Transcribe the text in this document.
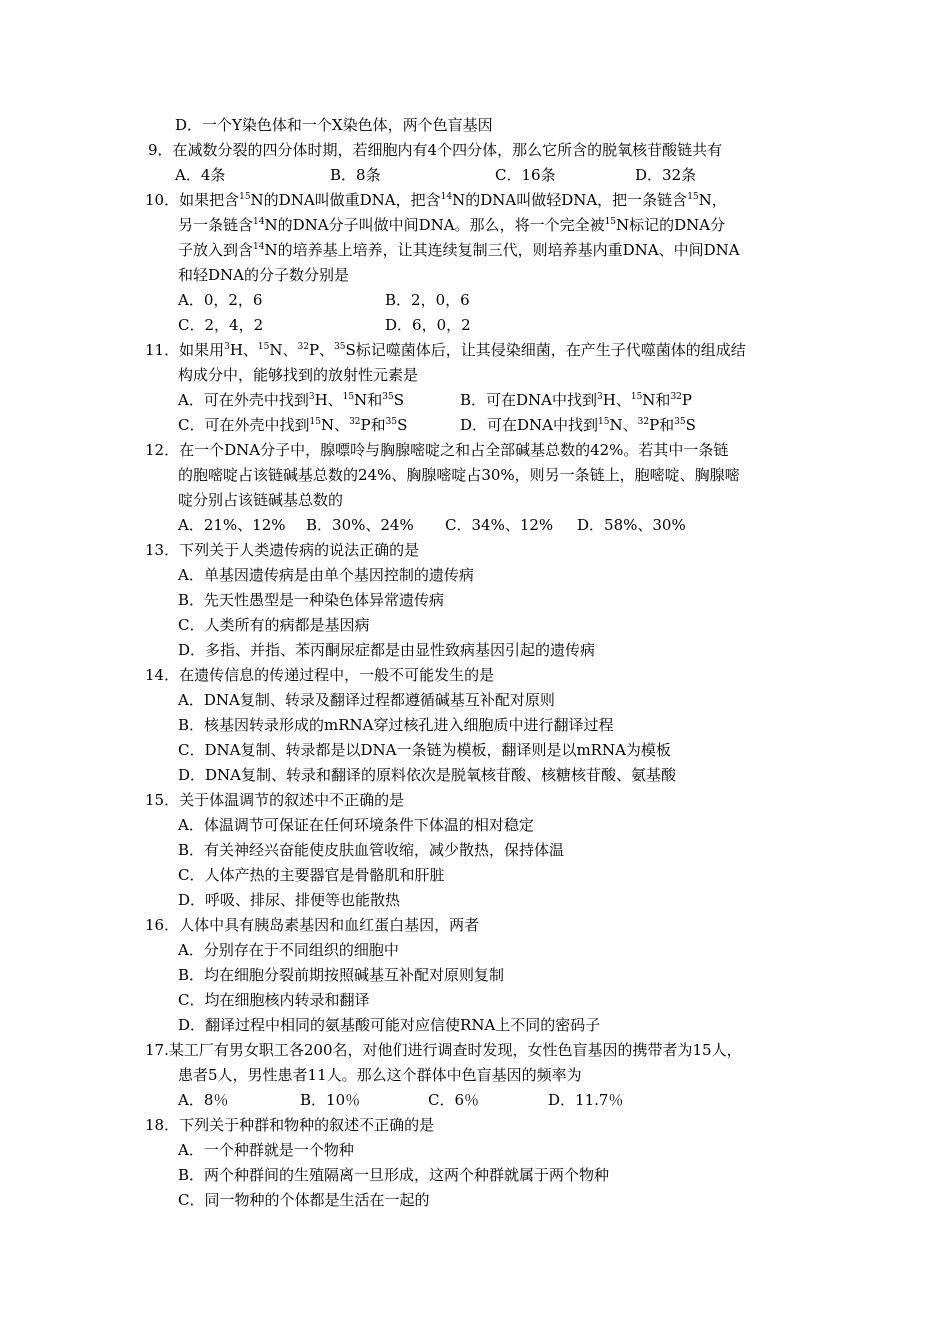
D．一个Y染色体和一个X染色体，两个色盲基因
9．在减数分裂的四分体时期，若细胞内有4个四分体，那么它所含的脱氧核苷酸链共有
A．4条	B．8条	C．16条	D．32条
10．如果把含$^{15}$N的DNA叫做重DNA，把含$^{14}$N的DNA叫做轻DNA，把一条链含$^{15}$N，
另一条链含$^{14}$N的DNA分子叫做中间DNA。那么，将一个完全被$^{15}$N标记的DNA分
子放入到含$^{14}$N的培养基上培养，让其连续复制三代，则培养基内重DNA、中间DNA
和轻DNA的分子数分别是
A．0，2，6	B．2，0，6
C．2，4，2	D．6，0，2
11．如果用$^3$H、$^{15}$N、$^{32}$P、$^{35}$S标记噬菌体后，让其侵染细菌，在产生子代噬菌体的组成结
构成分中，能够找到的放射性元素是
A．可在外壳中找到$^3$H、$^{15}$N和$^{35}$S	B．可在DNA中找到$^3$H、$^{15}$N和$^{32}$P
C．可在外壳中找到$^{15}$N、$^{32}$P和$^{35}$S	D．可在DNA中找到$^{15}$N、$^{32}$P和$^{35}$S
12．在一个DNA分子中，腺嘌呤与胸腺嘧啶之和占全部碱基总数的42%。若其中一条链
的胞嘧啶占该链碱基总数的24%、胸腺嘧啶占30%，则另一条链上，胞嘧啶、胸腺嘧
啶分别占该链碱基总数的
A．21%、12% B．30%、24% C．34%、12% D．58%、30%
13．下列关于人类遗传病的说法正确的是
A．单基因遗传病是由单个基因控制的遗传病
B．先天性愚型是一种染色体异常遗传病
C．人类所有的病都是基因病
D．多指、并指、苯丙酮尿症都是由显性致病基因引起的遗传病
14．在遗传信息的传递过程中，一般不可能发生的是
A．DNA复制、转录及翻译过程都遵循碱基互补配对原则
B．核基因转录形成的mRNA穿过核孔进入细胞质中进行翻译过程
C．DNA复制、转录都是以DNA一条链为模板，翻译则是以mRNA为模板
D．DNA复制、转录和翻译的原料依次是脱氧核苷酸、核糖核苷酸、氨基酸
15．关于体温调节的叙述中不正确的是
A．体温调节可保证在任何环境条件下体温的相对稳定
B．有关神经兴奋能使皮肤血管收缩，减少散热，保持体温
C．人体产热的主要器官是骨骼肌和肝脏
D．呼吸、排尿、排便等也能散热
16．人体中具有胰岛素基因和血红蛋白基因，两者
A．分别存在于不同组织的细胞中
B．均在细胞分裂前期按照碱基互补配对原则复制
C．均在细胞核内转录和翻译
D．翻译过程中相同的氨基酸可能对应信使RNA上不同的密码子
17.某工厂有男女职工各200名，对他们进行调查时发现，女性色盲基因的携带者为15人，
患者5人，男性患者11人。那么这个群体中色盲基因的频率为
A．8％	B．10％	C．6％	D．11.7％
18．下列关于种群和物种的叙述不正确的是
A．一个种群就是一个物种
B．两个种群间的生殖隔离一旦形成，这两个种群就属于两个物种
C．同一物种的个体都是生活在一起的
